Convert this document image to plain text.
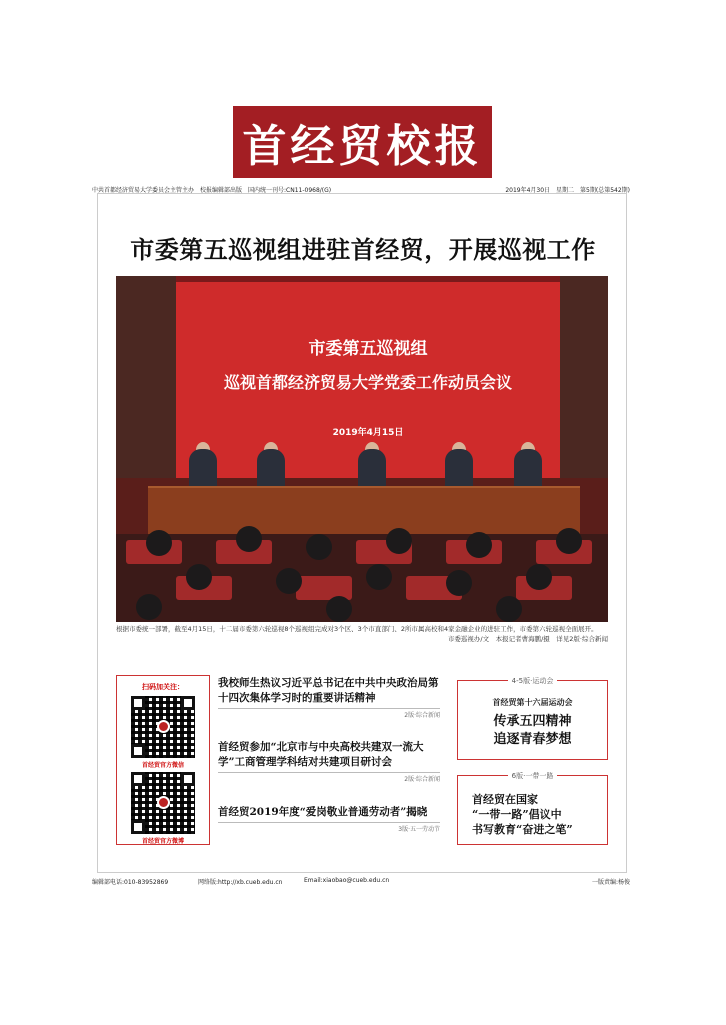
首经贸校报
中共首都经济贸易大学委员会主管主办　校报编辑部出版　国内统一刊号:CN11-0968/(G)	2019年4月30日　星期二　第5期(总第542期)
市委第五巡视组进驻首经贸，开展巡视工作
市委第五巡视组
巡视首都经济贸易大学党委工作动员会议
2019年4月15日
根据市委统一部署，截至4月15日，十二届市委第六轮巡视8个巡视组完成对3个区、3个市直部门、2所市属高校和4家金融企业的进驻工作，市委第六轮巡视全面展开。
市委巡视办/文　本报记者曹海鹏/摄　详见2版·综合新闻
扫码加关注：
首经贸官方微信
首经贸官方微博
我校师生热议习近平总书记在中共中央政治局第十四次集体学习时的重要讲话精神
2版·综合新闻
首经贸参加“北京市与中央高校共建双一流大学”工商管理学科结对共建项目研讨会
2版·综合新闻
首经贸2019年度“爱岗敬业普通劳动者”揭晓
3版·五一劳动节
4-5版·运动会
首经贸第十六届运动会
传承五四精神
追逐青春梦想
6版·一带一路
首经贸在国家
“一带一路”倡议中
书写教育“奋进之笔”
编辑部电话:010-83952869	网络版:http://xb.cueb.edu.cn	Email:xiaobao@cueb.edu.cn	一版责编:杨俊
